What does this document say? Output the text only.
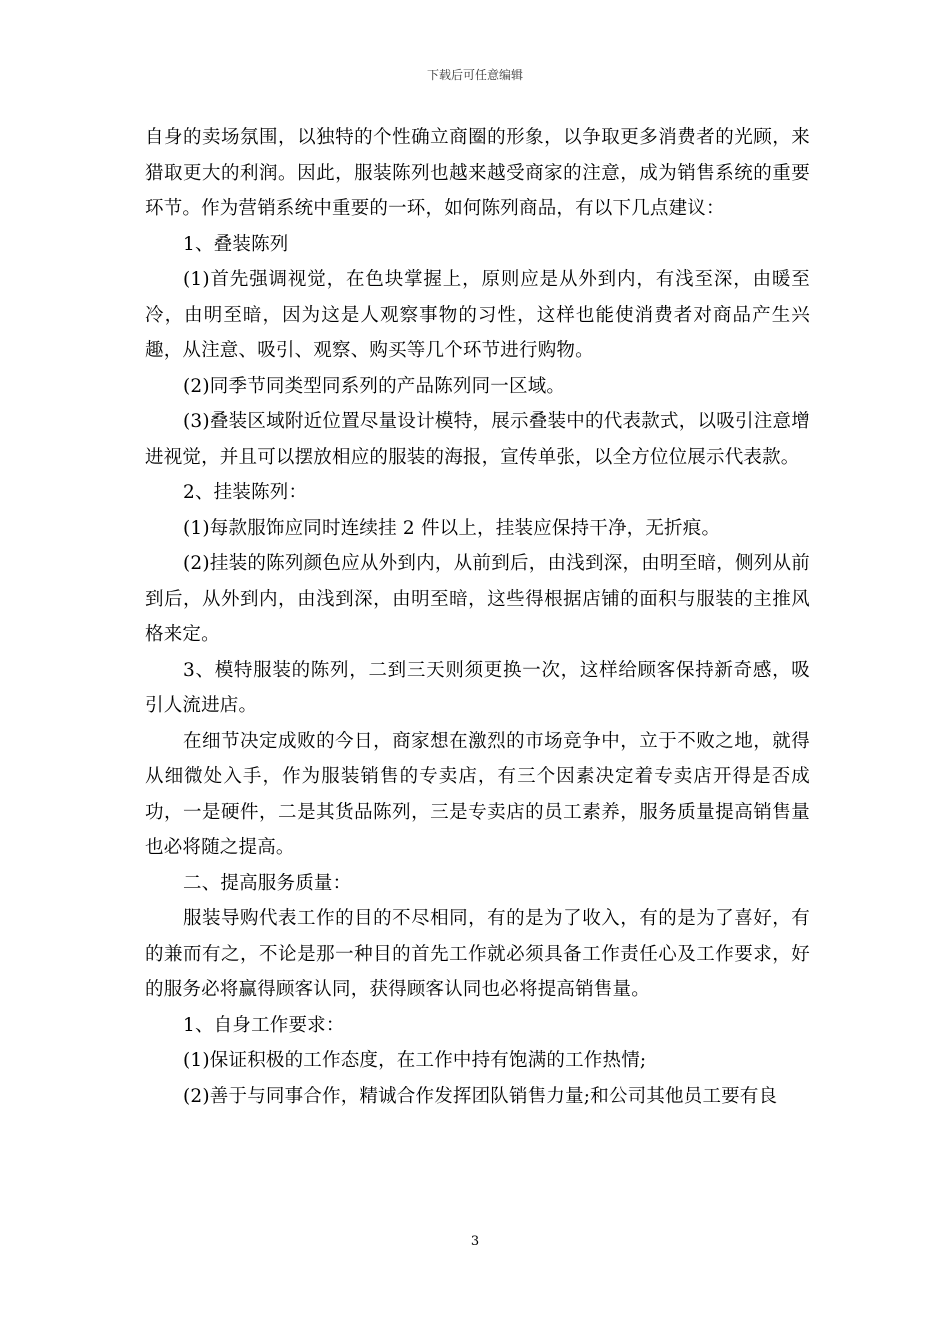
下载后可任意编辑

自身的卖场氛围，以独特的个性确立商圈的形象，以争取更多消费者的光顾，来猎取更大的利润。因此，服装陈列也越来越受商家的注意，成为销售系统的重要环节。作为营销系统中重要的一环，如何陈列商品，有以下几点建议：

1、叠装陈列

(1)首先强调视觉，在色块掌握上，原则应是从外到内，有浅至深，由暖至冷，由明至暗，因为这是人观察事物的习性，这样也能使消费者对商品产生兴趣，从注意、吸引、观察、购买等几个环节进行购物。

(2)同季节同类型同系列的产品陈列同一区域。

(3)叠装区域附近位置尽量设计模特，展示叠装中的代表款式，以吸引注意增进视觉，并且可以摆放相应的服装的海报，宣传单张，以全方位位展示代表款。

2、挂装陈列：

(1)每款服饰应同时连续挂 2 件以上，挂装应保持干净，无折痕。

(2)挂装的陈列颜色应从外到内，从前到后，由浅到深，由明至暗，侧列从前到后，从外到内，由浅到深，由明至暗，这些得根据店铺的面积与服装的主推风格来定。

3、模特服装的陈列，二到三天则须更换一次，这样给顾客保持新奇感，吸引人流进店。

在细节决定成败的今日，商家想在激烈的市场竞争中，立于不败之地，就得从细微处入手，作为服装销售的专卖店，有三个因素决定着专卖店开得是否成功，一是硬件，二是其货品陈列，三是专卖店的员工素养，服务质量提高销售量也必将随之提高。

二、提高服务质量：

服装导购代表工作的目的不尽相同，有的是为了收入，有的是为了喜好，有的兼而有之，不论是那一种目的首先工作就必须具备工作责任心及工作要求，好的服务必将赢得顾客认同，获得顾客认同也必将提高销售量。

1、自身工作要求：

(1)保证积极的工作态度，在工作中持有饱满的工作热情;

(2)善于与同事合作，精诚合作发挥团队销售力量;和公司其他员工要有良

3
